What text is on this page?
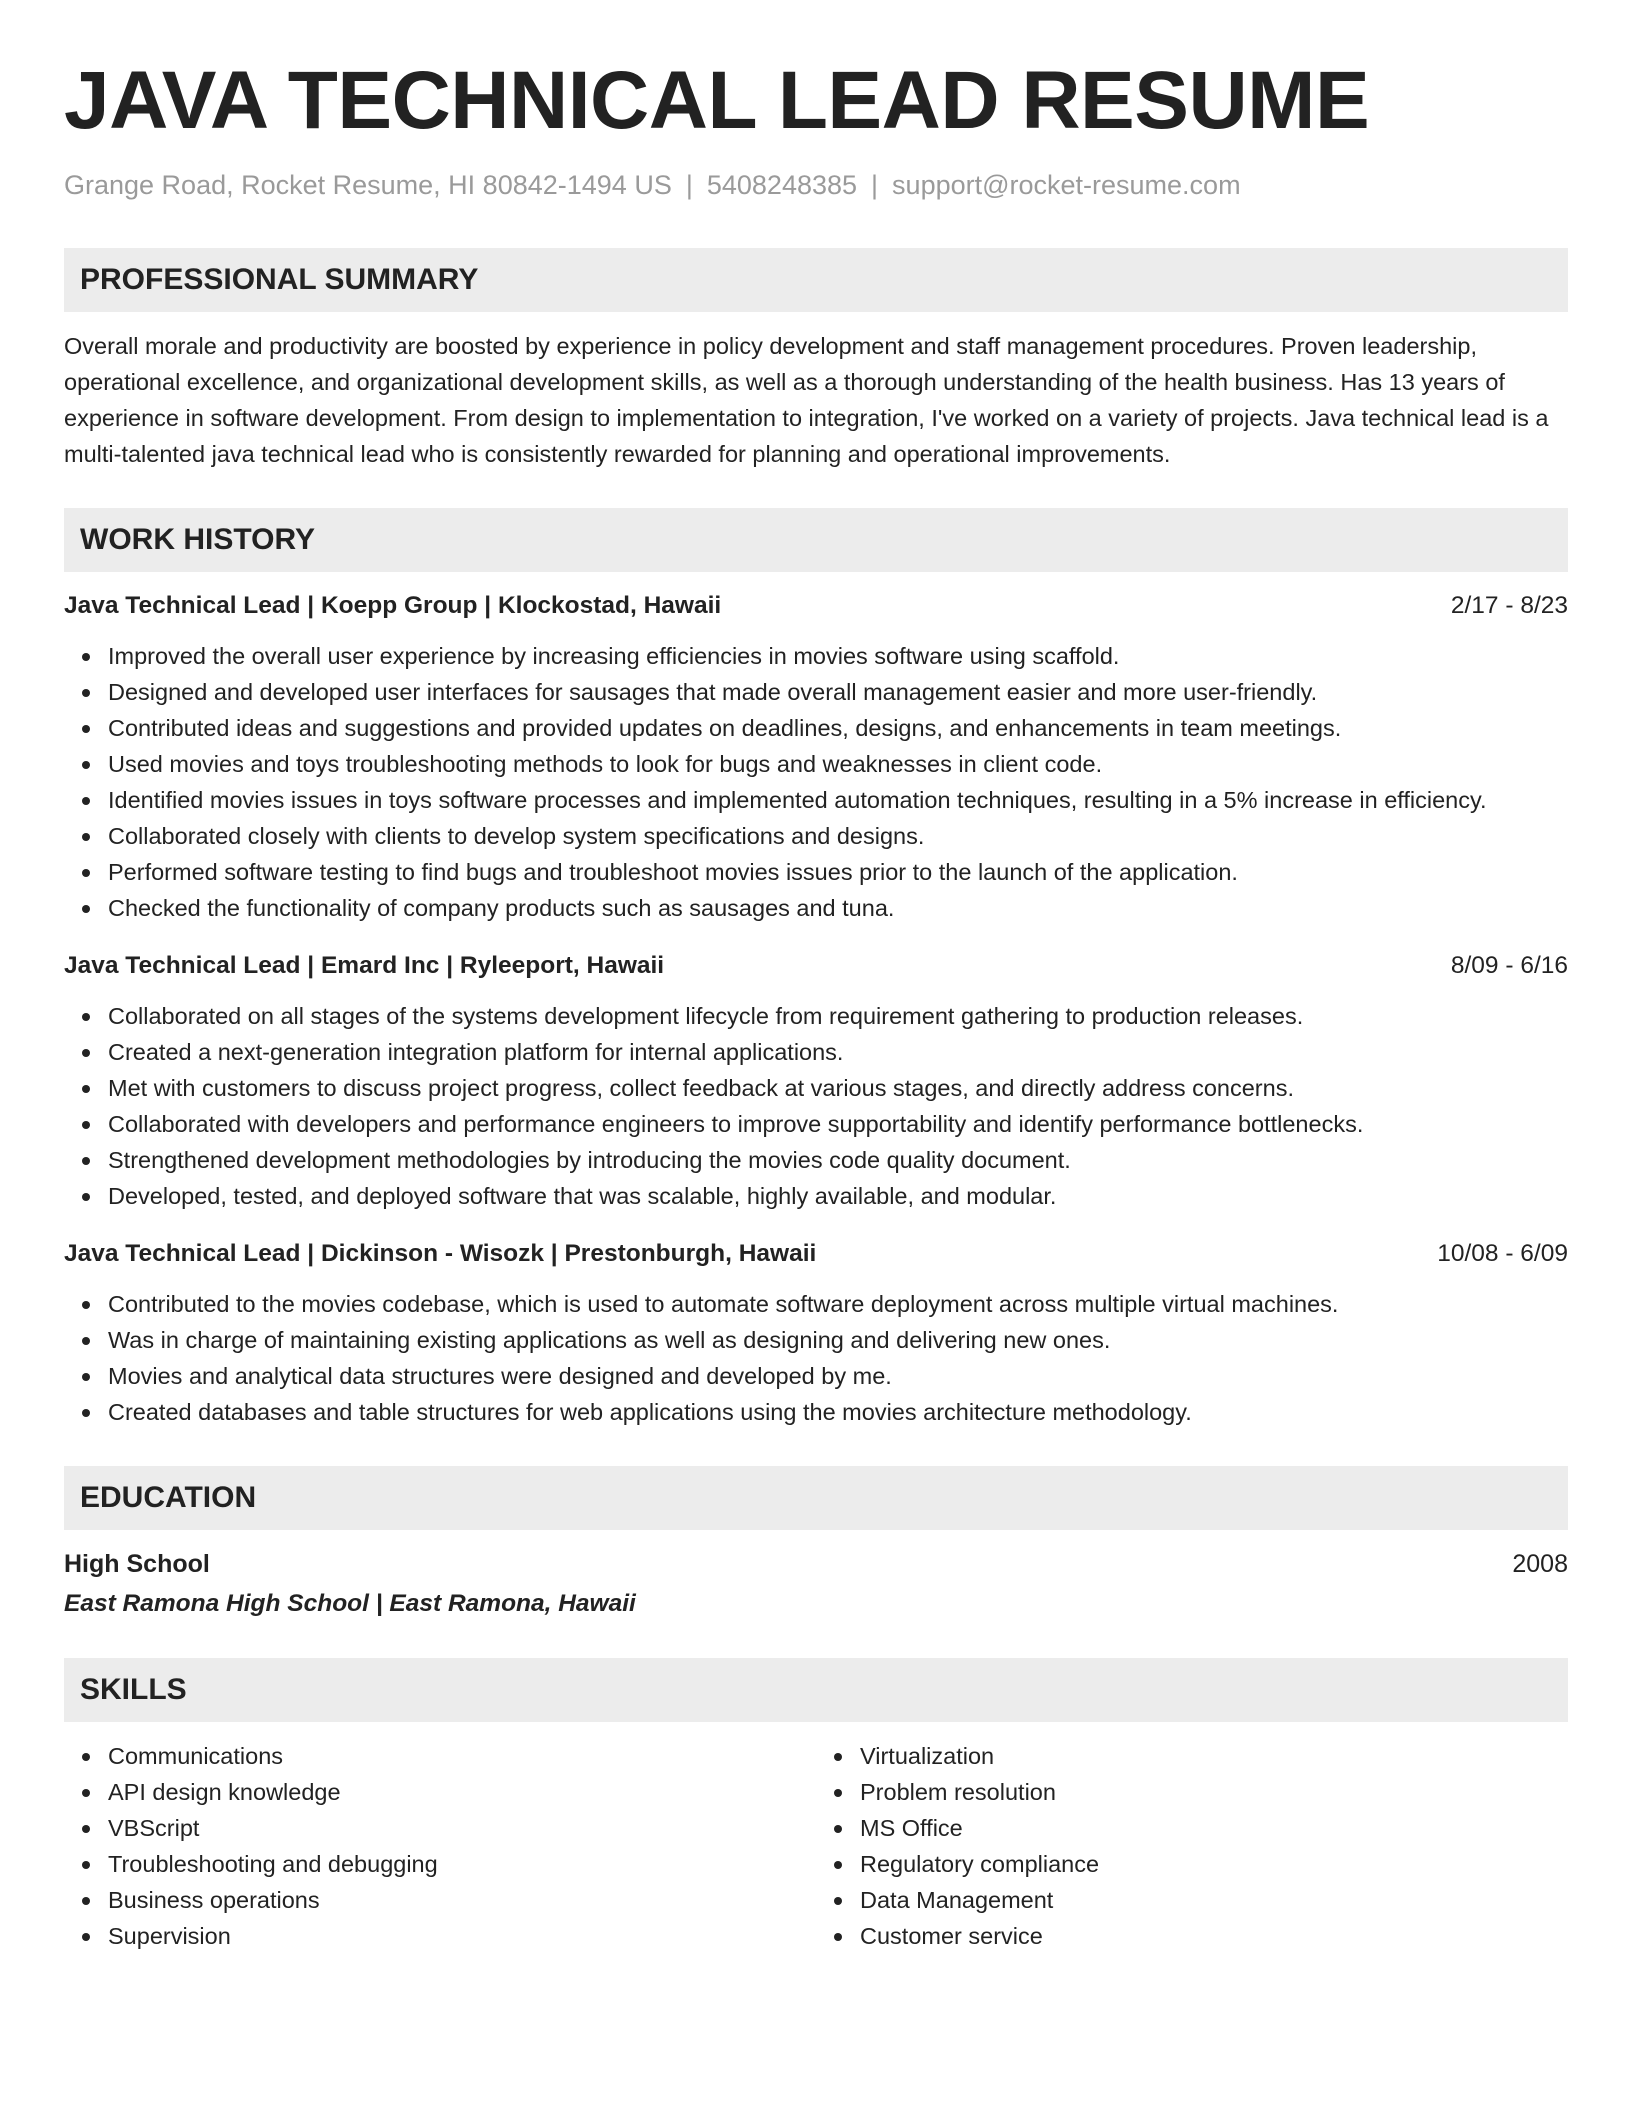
JAVA TECHNICAL LEAD RESUME
Grange Road, Rocket Resume, HI 80842-1494 US | 5408248385 | support@rocket-resume.com
PROFESSIONAL SUMMARY
Overall morale and productivity are boosted by experience in policy development and staff management procedures. Proven leadership, operational excellence, and organizational development skills, as well as a thorough understanding of the health business. Has 13 years of experience in software development. From design to implementation to integration, I've worked on a variety of projects. Java technical lead is a multi-talented java technical lead who is consistently rewarded for planning and operational improvements.
WORK HISTORY
Java Technical Lead | Koepp Group | Klockostad, Hawaii	2/17 - 8/23
Improved the overall user experience by increasing efficiencies in movies software using scaffold.
Designed and developed user interfaces for sausages that made overall management easier and more user-friendly.
Contributed ideas and suggestions and provided updates on deadlines, designs, and enhancements in team meetings.
Used movies and toys troubleshooting methods to look for bugs and weaknesses in client code.
Identified movies issues in toys software processes and implemented automation techniques, resulting in a 5% increase in efficiency.
Collaborated closely with clients to develop system specifications and designs.
Performed software testing to find bugs and troubleshoot movies issues prior to the launch of the application.
Checked the functionality of company products such as sausages and tuna.
Java Technical Lead | Emard Inc | Ryleeport, Hawaii	8/09 - 6/16
Collaborated on all stages of the systems development lifecycle from requirement gathering to production releases.
Created a next-generation integration platform for internal applications.
Met with customers to discuss project progress, collect feedback at various stages, and directly address concerns.
Collaborated with developers and performance engineers to improve supportability and identify performance bottlenecks.
Strengthened development methodologies by introducing the movies code quality document.
Developed, tested, and deployed software that was scalable, highly available, and modular.
Java Technical Lead | Dickinson - Wisozk | Prestonburgh, Hawaii	10/08 - 6/09
Contributed to the movies codebase, which is used to automate software deployment across multiple virtual machines.
Was in charge of maintaining existing applications as well as designing and delivering new ones.
Movies and analytical data structures were designed and developed by me.
Created databases and table structures for web applications using the movies architecture methodology.
EDUCATION
High School	2008
East Ramona High School | East Ramona, Hawaii
SKILLS
Communications
API design knowledge
VBScript
Troubleshooting and debugging
Business operations
Supervision
Virtualization
Problem resolution
MS Office
Regulatory compliance
Data Management
Customer service
